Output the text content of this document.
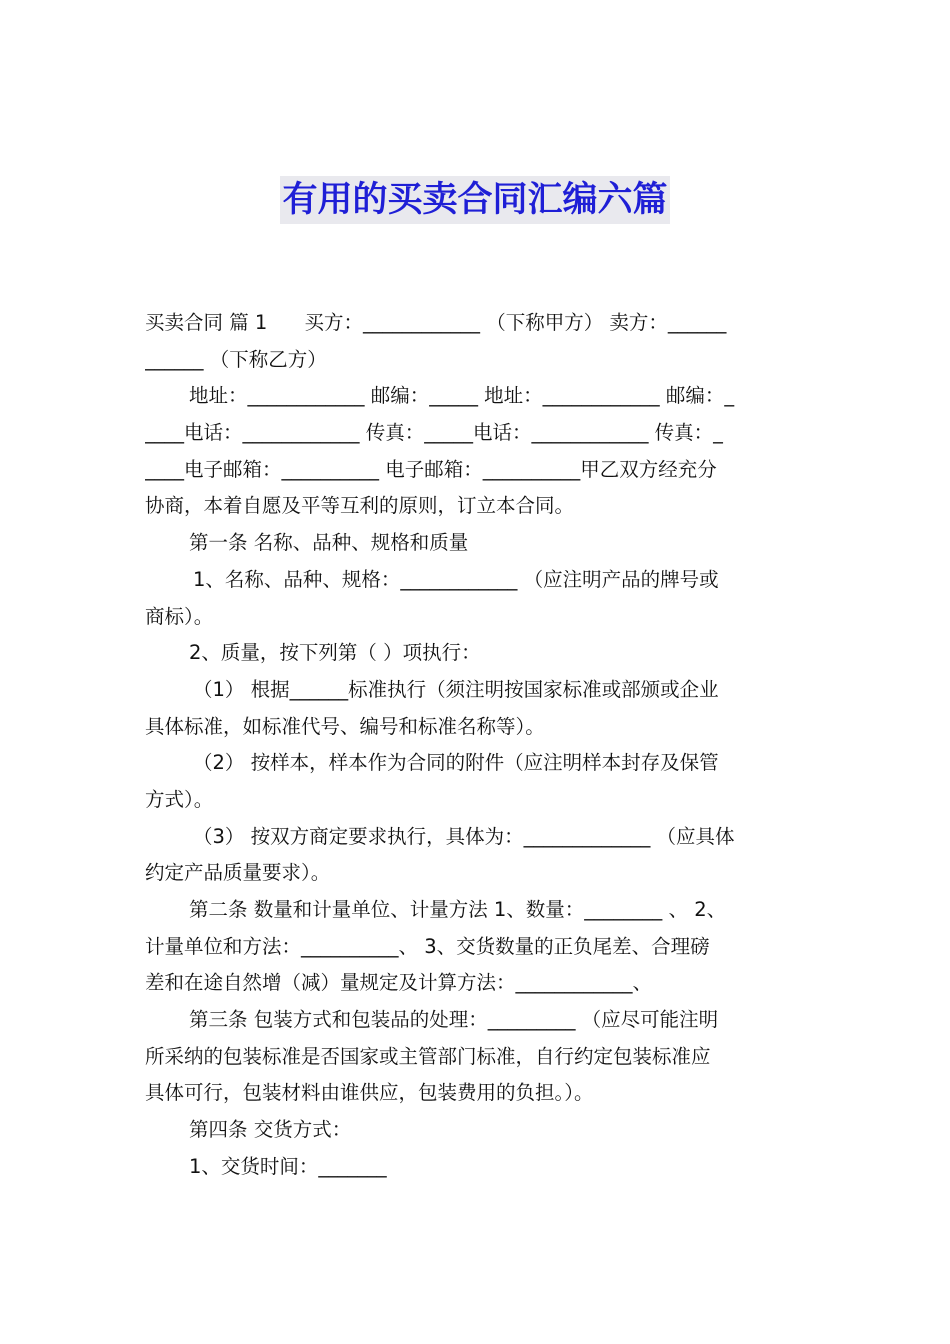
有用的买卖合同汇编六篇
买卖合同 篇 1      买方：____________ （下称甲方） 卖方：______
______ （下称乙方）
地址：____________ 邮编：_____ 地址：____________ 邮编：_
____电话：____________ 传真：_____电话：____________ 传真：_
____电子邮箱：__________ 电子邮箱：__________甲乙双方经充分
协商，本着自愿及平等互利的原则，订立本合同。
第一条 名称、品种、规格和质量
1、名称、品种、规格：____________ （应注明产品的牌号或
商标）。
2、质量，按下列第（ ）项执行：
（1） 根据______标准执行（须注明按国家标准或部颁或企业
具体标准，如标准代号、编号和标准名称等）。
（2） 按样本，样本作为合同的附件（应注明样本封存及保管
方式）。
（3） 按双方商定要求执行，具体为：_____________ （应具体
约定产品质量要求）。
第二条 数量和计量单位、计量方法 1、数量：________ 、 2、
计量单位和方法：__________、 3、交货数量的正负尾差、合理磅
差和在途自然增（减）量规定及计算方法：____________、
第三条 包装方式和包装品的处理：_________ （应尽可能注明
所采纳的包装标准是否国家或主管部门标准，自行约定包装标准应
具体可行，包装材料由谁供应，包装费用的负担。）。
第四条 交货方式：
1、交货时间：_______
